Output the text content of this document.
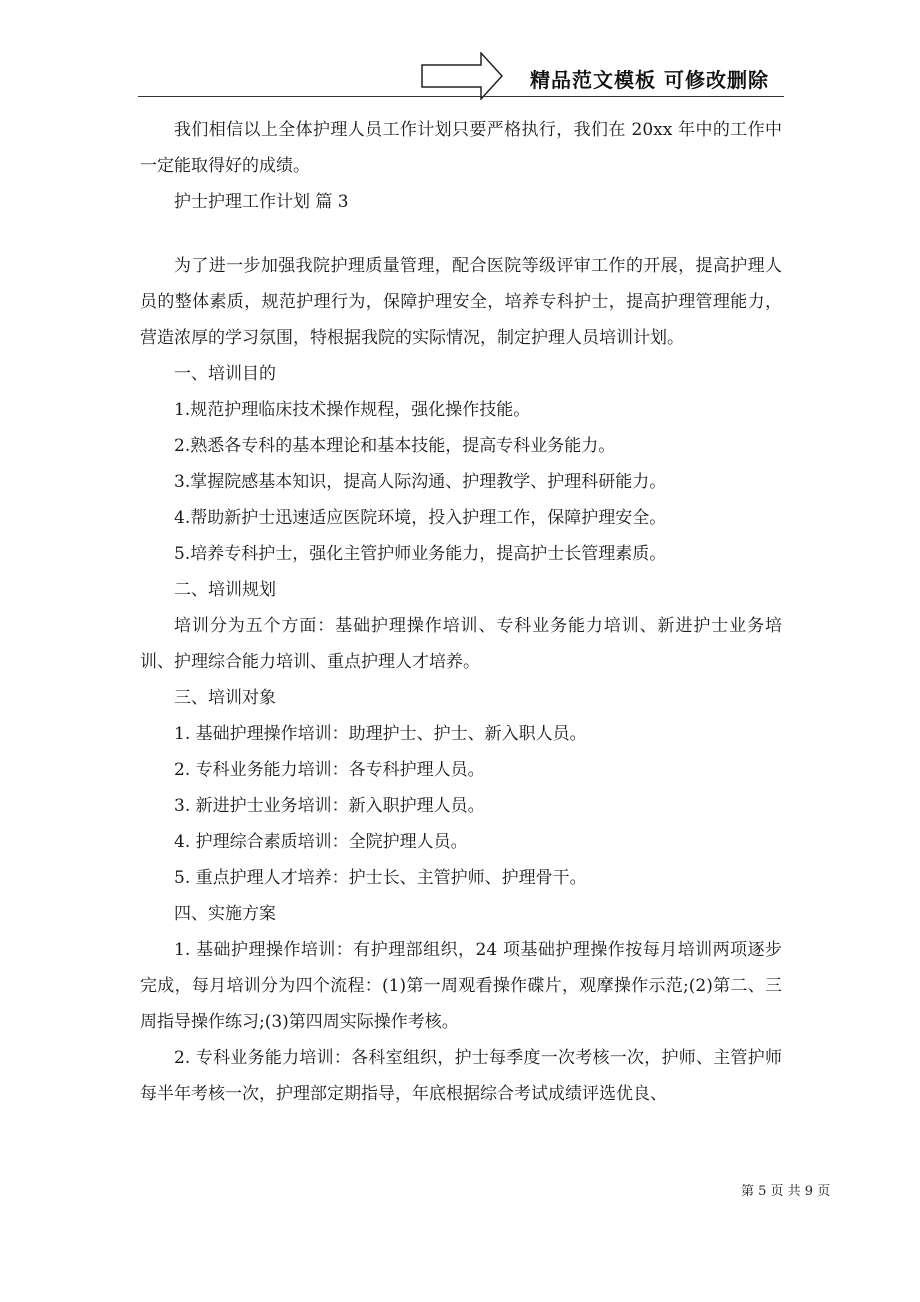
精品范文模板 可修改删除

我们相信以上全体护理人员工作计划只要严格执行，我们在 20xx 年中的工作中一定能取得好的成绩。

护士护理工作计划 篇 3

为了进一步加强我院护理质量管理，配合医院等级评审工作的开展，提高护理人员的整体素质，规范护理行为，保障护理安全，培养专科护士，提高护理管理能力，营造浓厚的学习氛围，特根据我院的实际情况，制定护理人员培训计划。

一、培训目的

1.规范护理临床技术操作规程，强化操作技能。

2.熟悉各专科的基本理论和基本技能，提高专科业务能力。

3.掌握院感基本知识，提高人际沟通、护理教学、护理科研能力。

4.帮助新护士迅速适应医院环境，投入护理工作，保障护理安全。

5.培养专科护士，强化主管护师业务能力，提高护士长管理素质。

二、培训规划

培训分为五个方面：基础护理操作培训、专科业务能力培训、新进护士业务培训、护理综合能力培训、重点护理人才培养。

三、培训对象

1. 基础护理操作培训：助理护士、护士、新入职人员。

2. 专科业务能力培训：各专科护理人员。

3. 新进护士业务培训：新入职护理人员。

4. 护理综合素质培训：全院护理人员。

5. 重点护理人才培养：护士长、主管护师、护理骨干。

四、实施方案

1. 基础护理操作培训：有护理部组织，24 项基础护理操作按每月培训两项逐步完成，每月培训分为四个流程：(1)第一周观看操作碟片，观摩操作示范;(2)第二、三周指导操作练习;(3)第四周实际操作考核。

2. 专科业务能力培训：各科室组织，护士每季度一次考核一次，护师、主管护师每半年考核一次，护理部定期指导，年底根据综合考试成绩评选优良、

第 5 页 共 9 页
